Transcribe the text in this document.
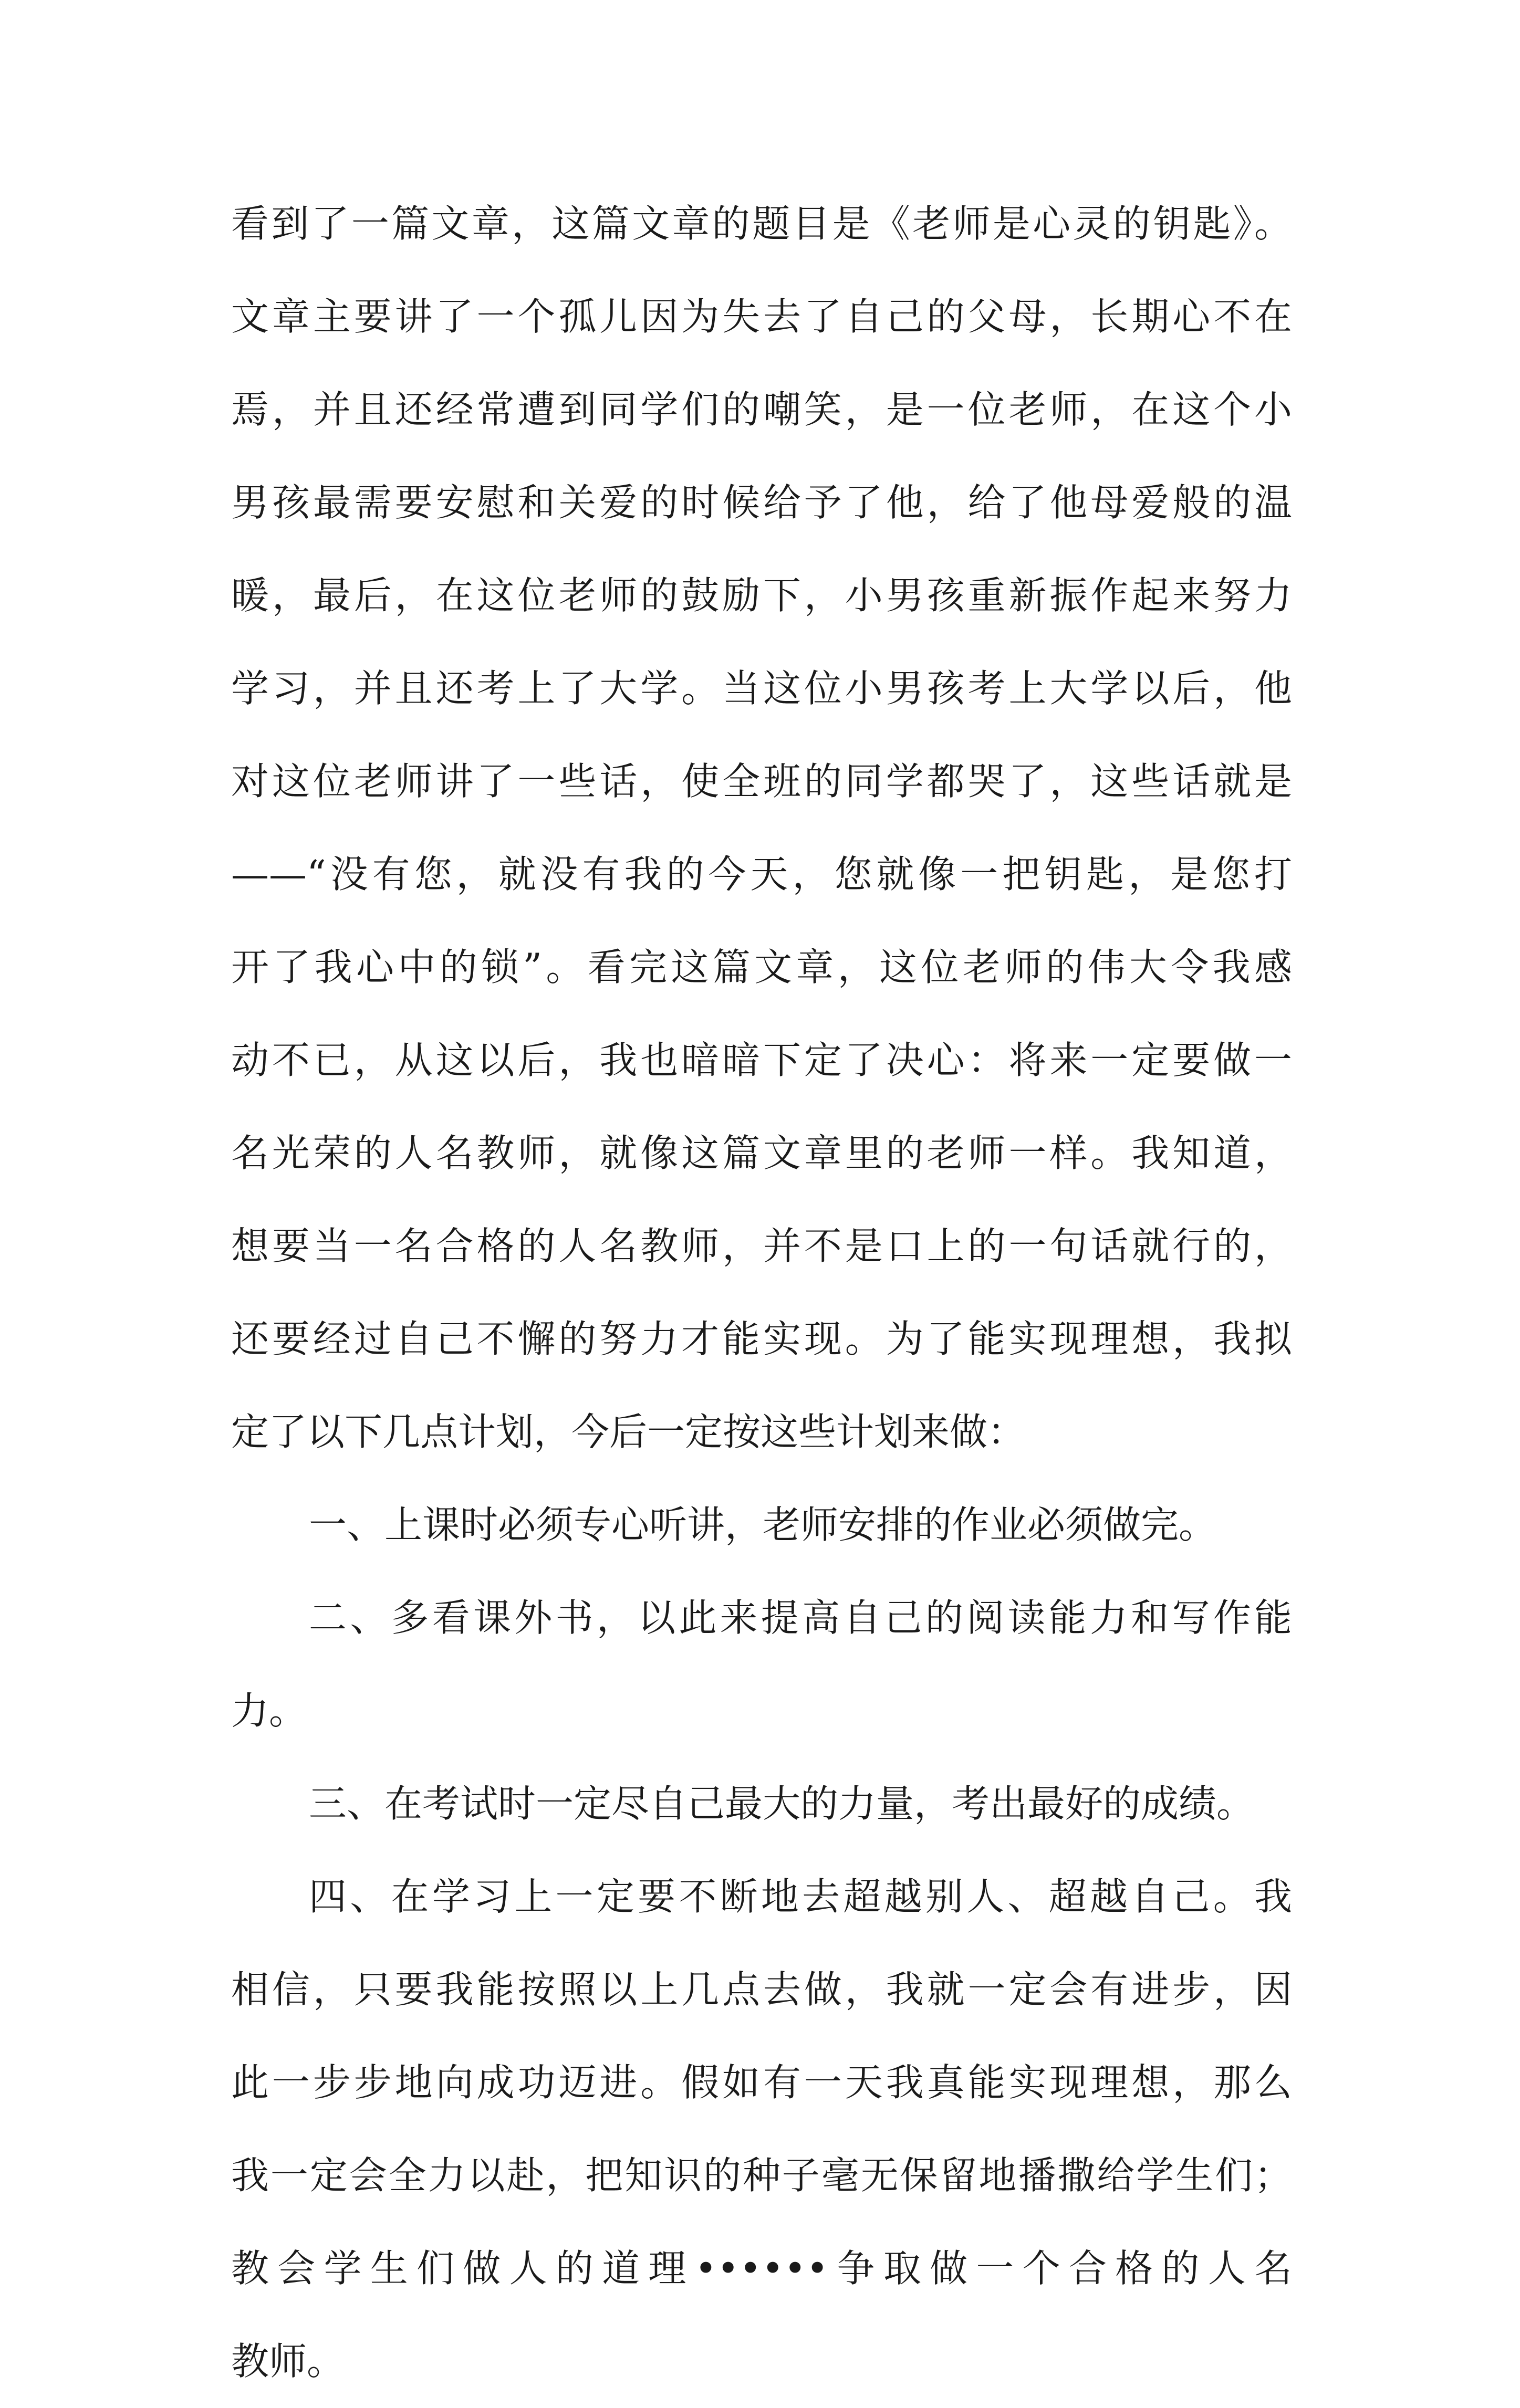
看到了一篇文章，这篇文章的题目是《老师是心灵的钥匙》。
文章主要讲了一个孤儿因为失去了自己的父母，长期心不在
焉，并且还经常遭到同学们的嘲笑，是一位老师，在这个小
男孩最需要安慰和关爱的时候给予了他，给了他母爱般的温
暖，最后，在这位老师的鼓励下，小男孩重新振作起来努力
学习，并且还考上了大学。当这位小男孩考上大学以后，他
对这位老师讲了一些话，使全班的同学都哭了，这些话就是
——“没有您，就没有我的今天，您就像一把钥匙，是您打
开了我心中的锁”。看完这篇文章，这位老师的伟大令我感
动不已，从这以后，我也暗暗下定了决心：将来一定要做一
名光荣的人名教师，就像这篇文章里的老师一样。我知道，
想要当一名合格的人名教师，并不是口上的一句话就行的，
还要经过自己不懈的努力才能实现。为了能实现理想，我拟
定了以下几点计划，今后一定按这些计划来做：
一、上课时必须专心听讲，老师安排的作业必须做完。
二、多看课外书，以此来提高自己的阅读能力和写作能
力。
三、在考试时一定尽自己最大的力量，考出最好的成绩。
四、在学习上一定要不断地去超越别人、超越自己。我
相信，只要我能按照以上几点去做，我就一定会有进步，因
此一步步地向成功迈进。假如有一天我真能实现理想，那么
我一定会全力以赴，把知识的种子毫无保留地播撒给学生们；
教会学生们做人的道理••••••争取做一个合格的人名
教师。
